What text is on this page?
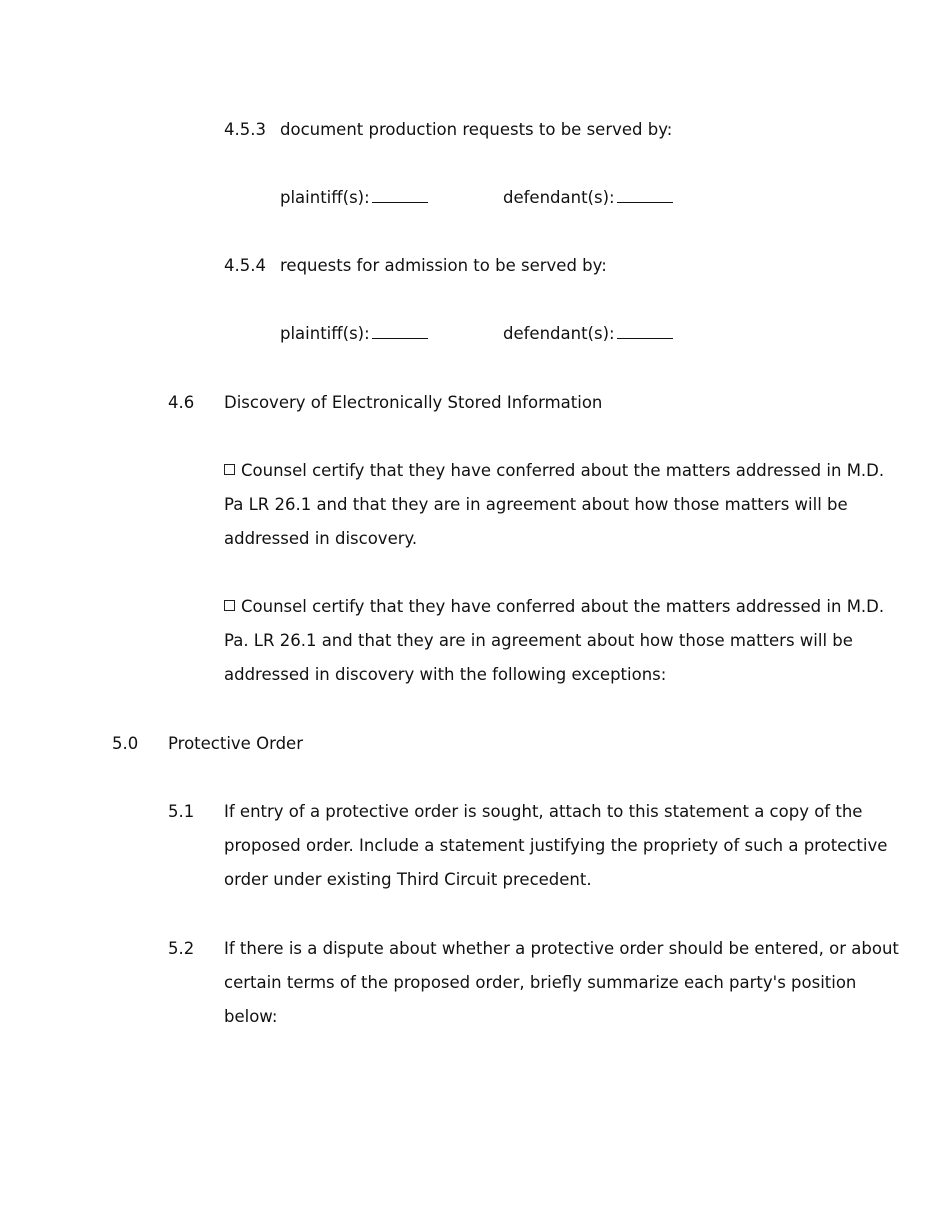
4.5.3 document production requests to be served by:
plaintiff(s):	defendant(s):
4.5.4 requests for admission to be served by:
plaintiff(s):	defendant(s):
4.6 Discovery of Electronically Stored Information
Counsel certify that they have conferred about the matters addressed in M.D.
Pa LR 26.1 and that they are in agreement about how those matters will be
addressed in discovery.
Counsel certify that they have conferred about the matters addressed in M.D.
Pa. LR 26.1 and that they are in agreement about how those matters will be
addressed in discovery with the following exceptions:
5.0 Protective Order
5.1 If entry of a protective order is sought, attach to this statement a copy of the
proposed order. Include a statement justifying the propriety of such a protective
order under existing Third Circuit precedent.
5.2 If there is a dispute about whether a protective order should be entered, or about
certain terms of the proposed order, briefly summarize each party's position
below:
